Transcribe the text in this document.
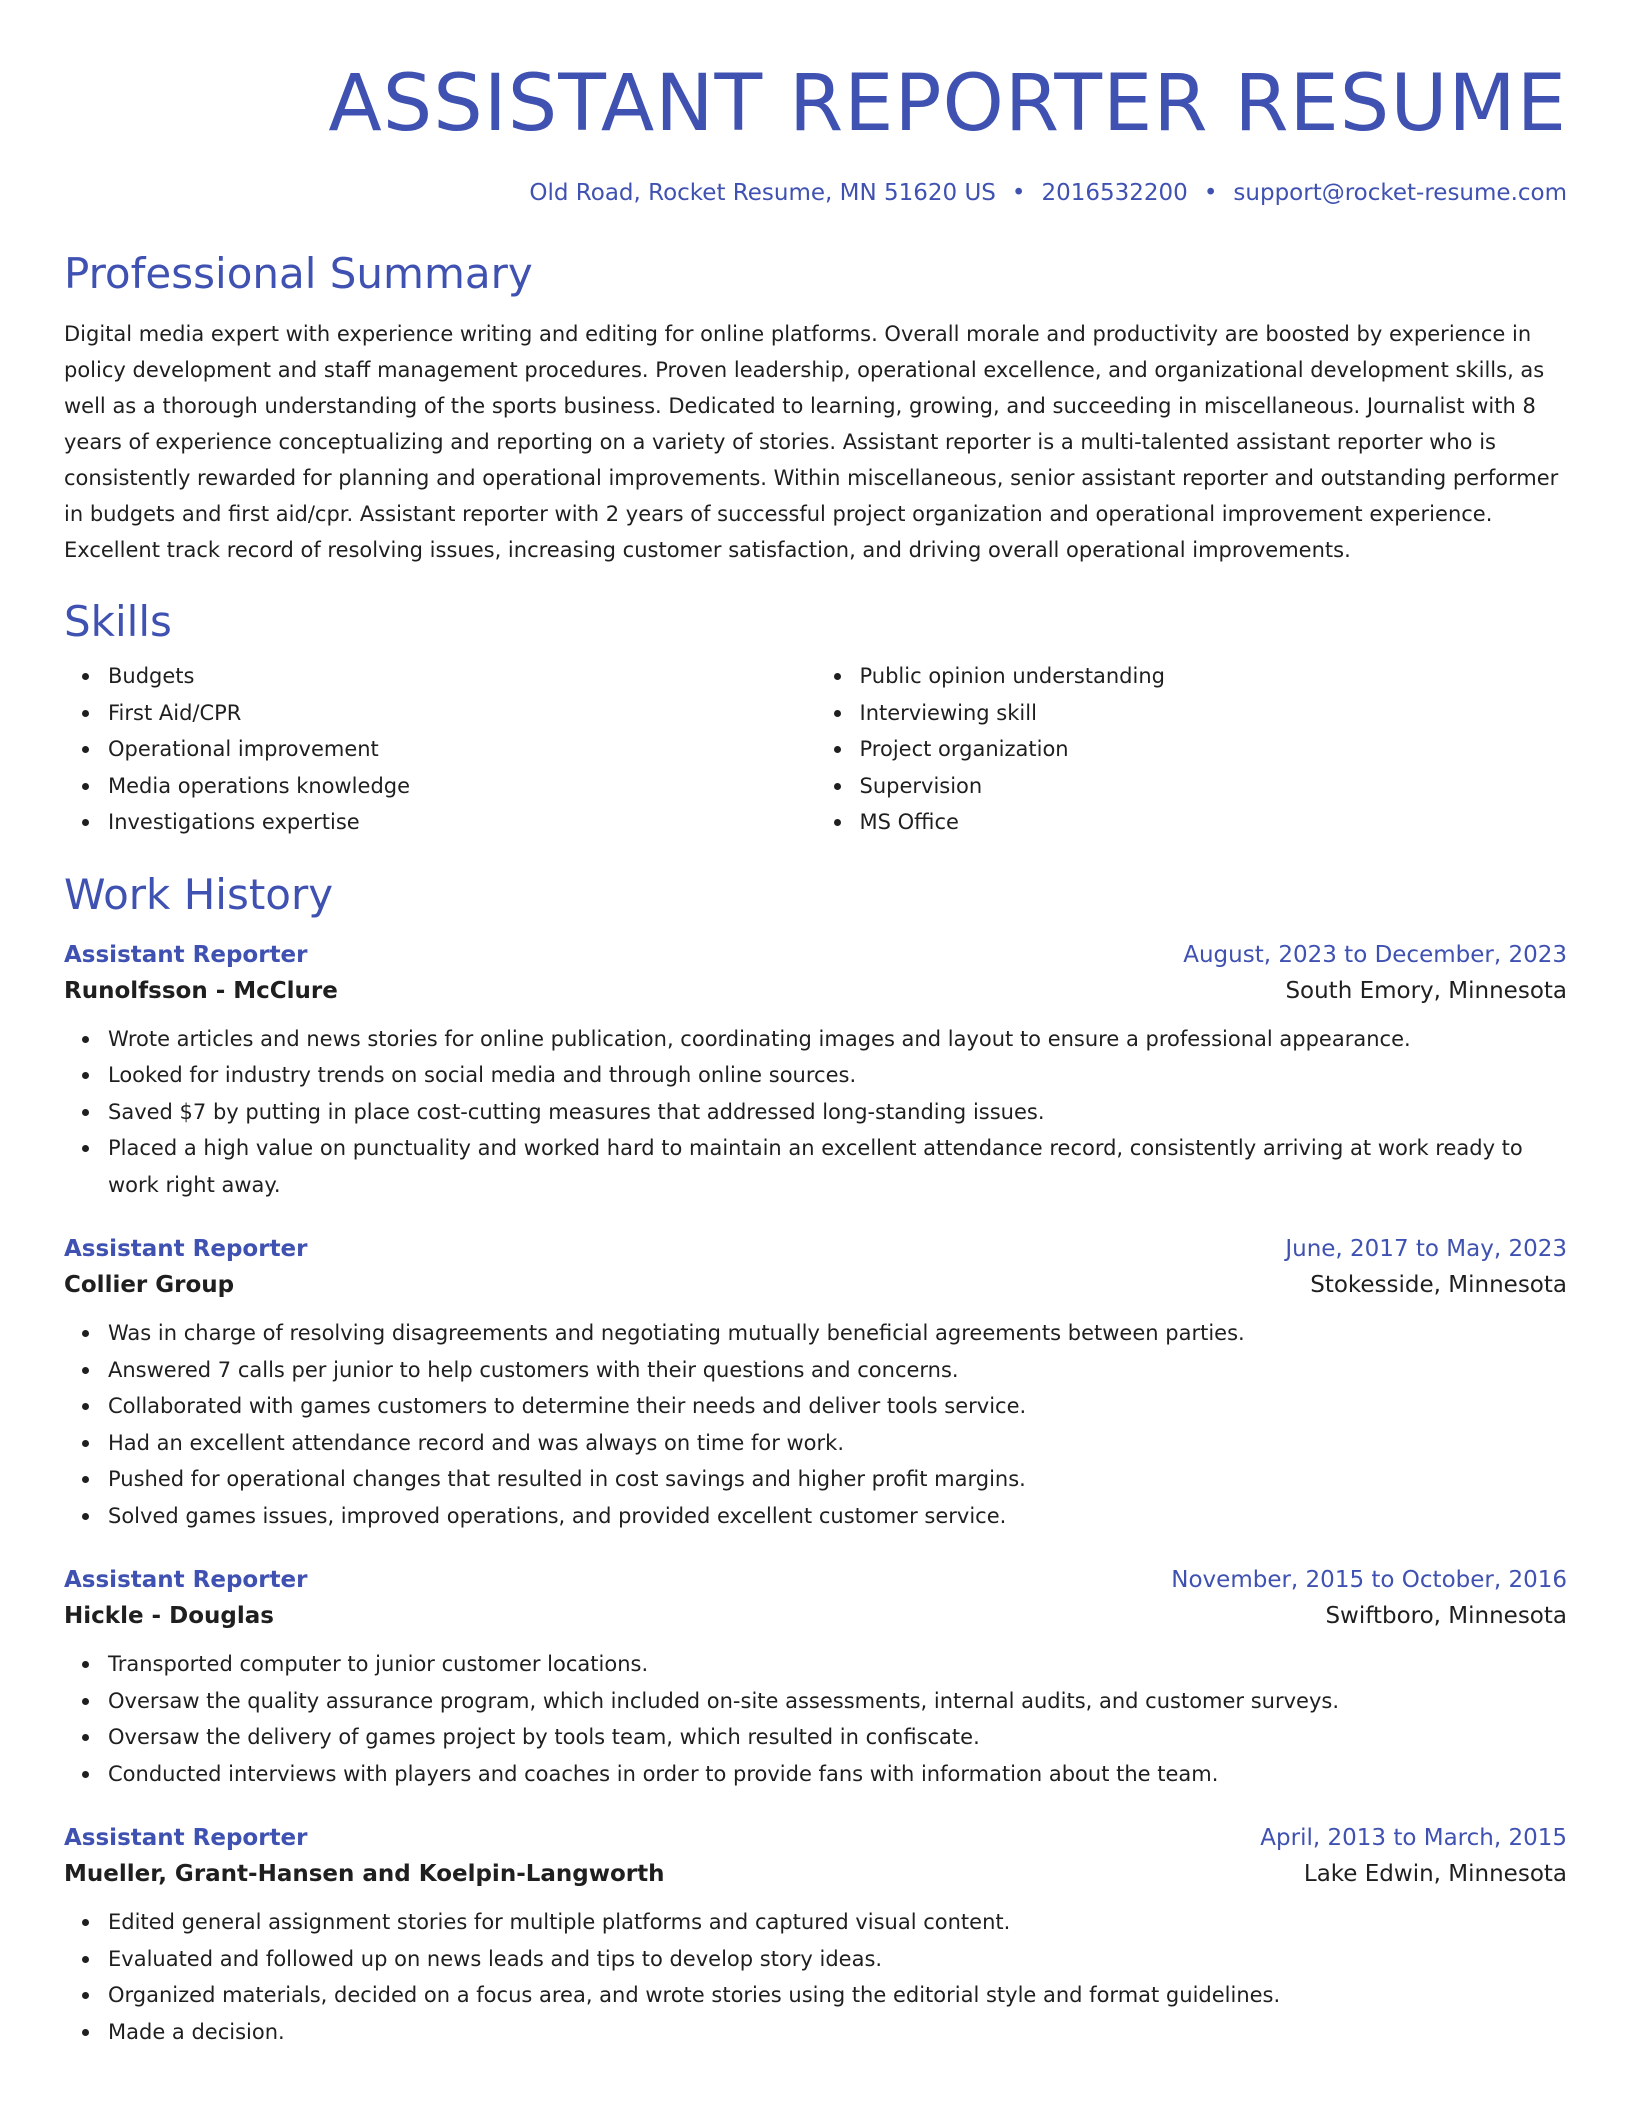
ASSISTANT REPORTER RESUME
Old Road, Rocket Resume, MN 51620 US • 2016532200 • support@rocket-resume.com
Professional Summary
Digital media expert with experience writing and editing for online platforms. Overall morale and productivity are boosted by experience in policy development and staff management procedures. Proven leadership, operational excellence, and organizational development skills, as well as a thorough understanding of the sports business. Dedicated to learning, growing, and succeeding in miscellaneous. Journalist with 8 years of experience conceptualizing and reporting on a variety of stories. Assistant reporter is a multi-talented assistant reporter who is consistently rewarded for planning and operational improvements. Within miscellaneous, senior assistant reporter and outstanding performer in budgets and first aid/cpr. Assistant reporter with 2 years of successful project organization and operational improvement experience. Excellent track record of resolving issues, increasing customer satisfaction, and driving overall operational improvements.
Skills
Budgets
First Aid/CPR
Operational improvement
Media operations knowledge
Investigations expertise
Public opinion understanding
Interviewing skill
Project organization
Supervision
MS Office
Work History
Assistant Reporter	August, 2023 to December, 2023
Runolfsson - McClure	South Emory, Minnesota
Wrote articles and news stories for online publication, coordinating images and layout to ensure a professional appearance.
Looked for industry trends on social media and through online sources.
Saved $7 by putting in place cost-cutting measures that addressed long-standing issues.
Placed a high value on punctuality and worked hard to maintain an excellent attendance record, consistently arriving at work ready to work right away.
Assistant Reporter	June, 2017 to May, 2023
Collier Group	Stokesside, Minnesota
Was in charge of resolving disagreements and negotiating mutually beneficial agreements between parties.
Answered 7 calls per junior to help customers with their questions and concerns.
Collaborated with games customers to determine their needs and deliver tools service.
Had an excellent attendance record and was always on time for work.
Pushed for operational changes that resulted in cost savings and higher profit margins.
Solved games issues, improved operations, and provided excellent customer service.
Assistant Reporter	November, 2015 to October, 2016
Hickle - Douglas	Swiftboro, Minnesota
Transported computer to junior customer locations.
Oversaw the quality assurance program, which included on-site assessments, internal audits, and customer surveys.
Oversaw the delivery of games project by tools team, which resulted in confiscate.
Conducted interviews with players and coaches in order to provide fans with information about the team.
Assistant Reporter	April, 2013 to March, 2015
Mueller, Grant-Hansen and Koelpin-Langworth	Lake Edwin, Minnesota
Edited general assignment stories for multiple platforms and captured visual content.
Evaluated and followed up on news leads and tips to develop story ideas.
Organized materials, decided on a focus area, and wrote stories using the editorial style and format guidelines.
Made a decision.
